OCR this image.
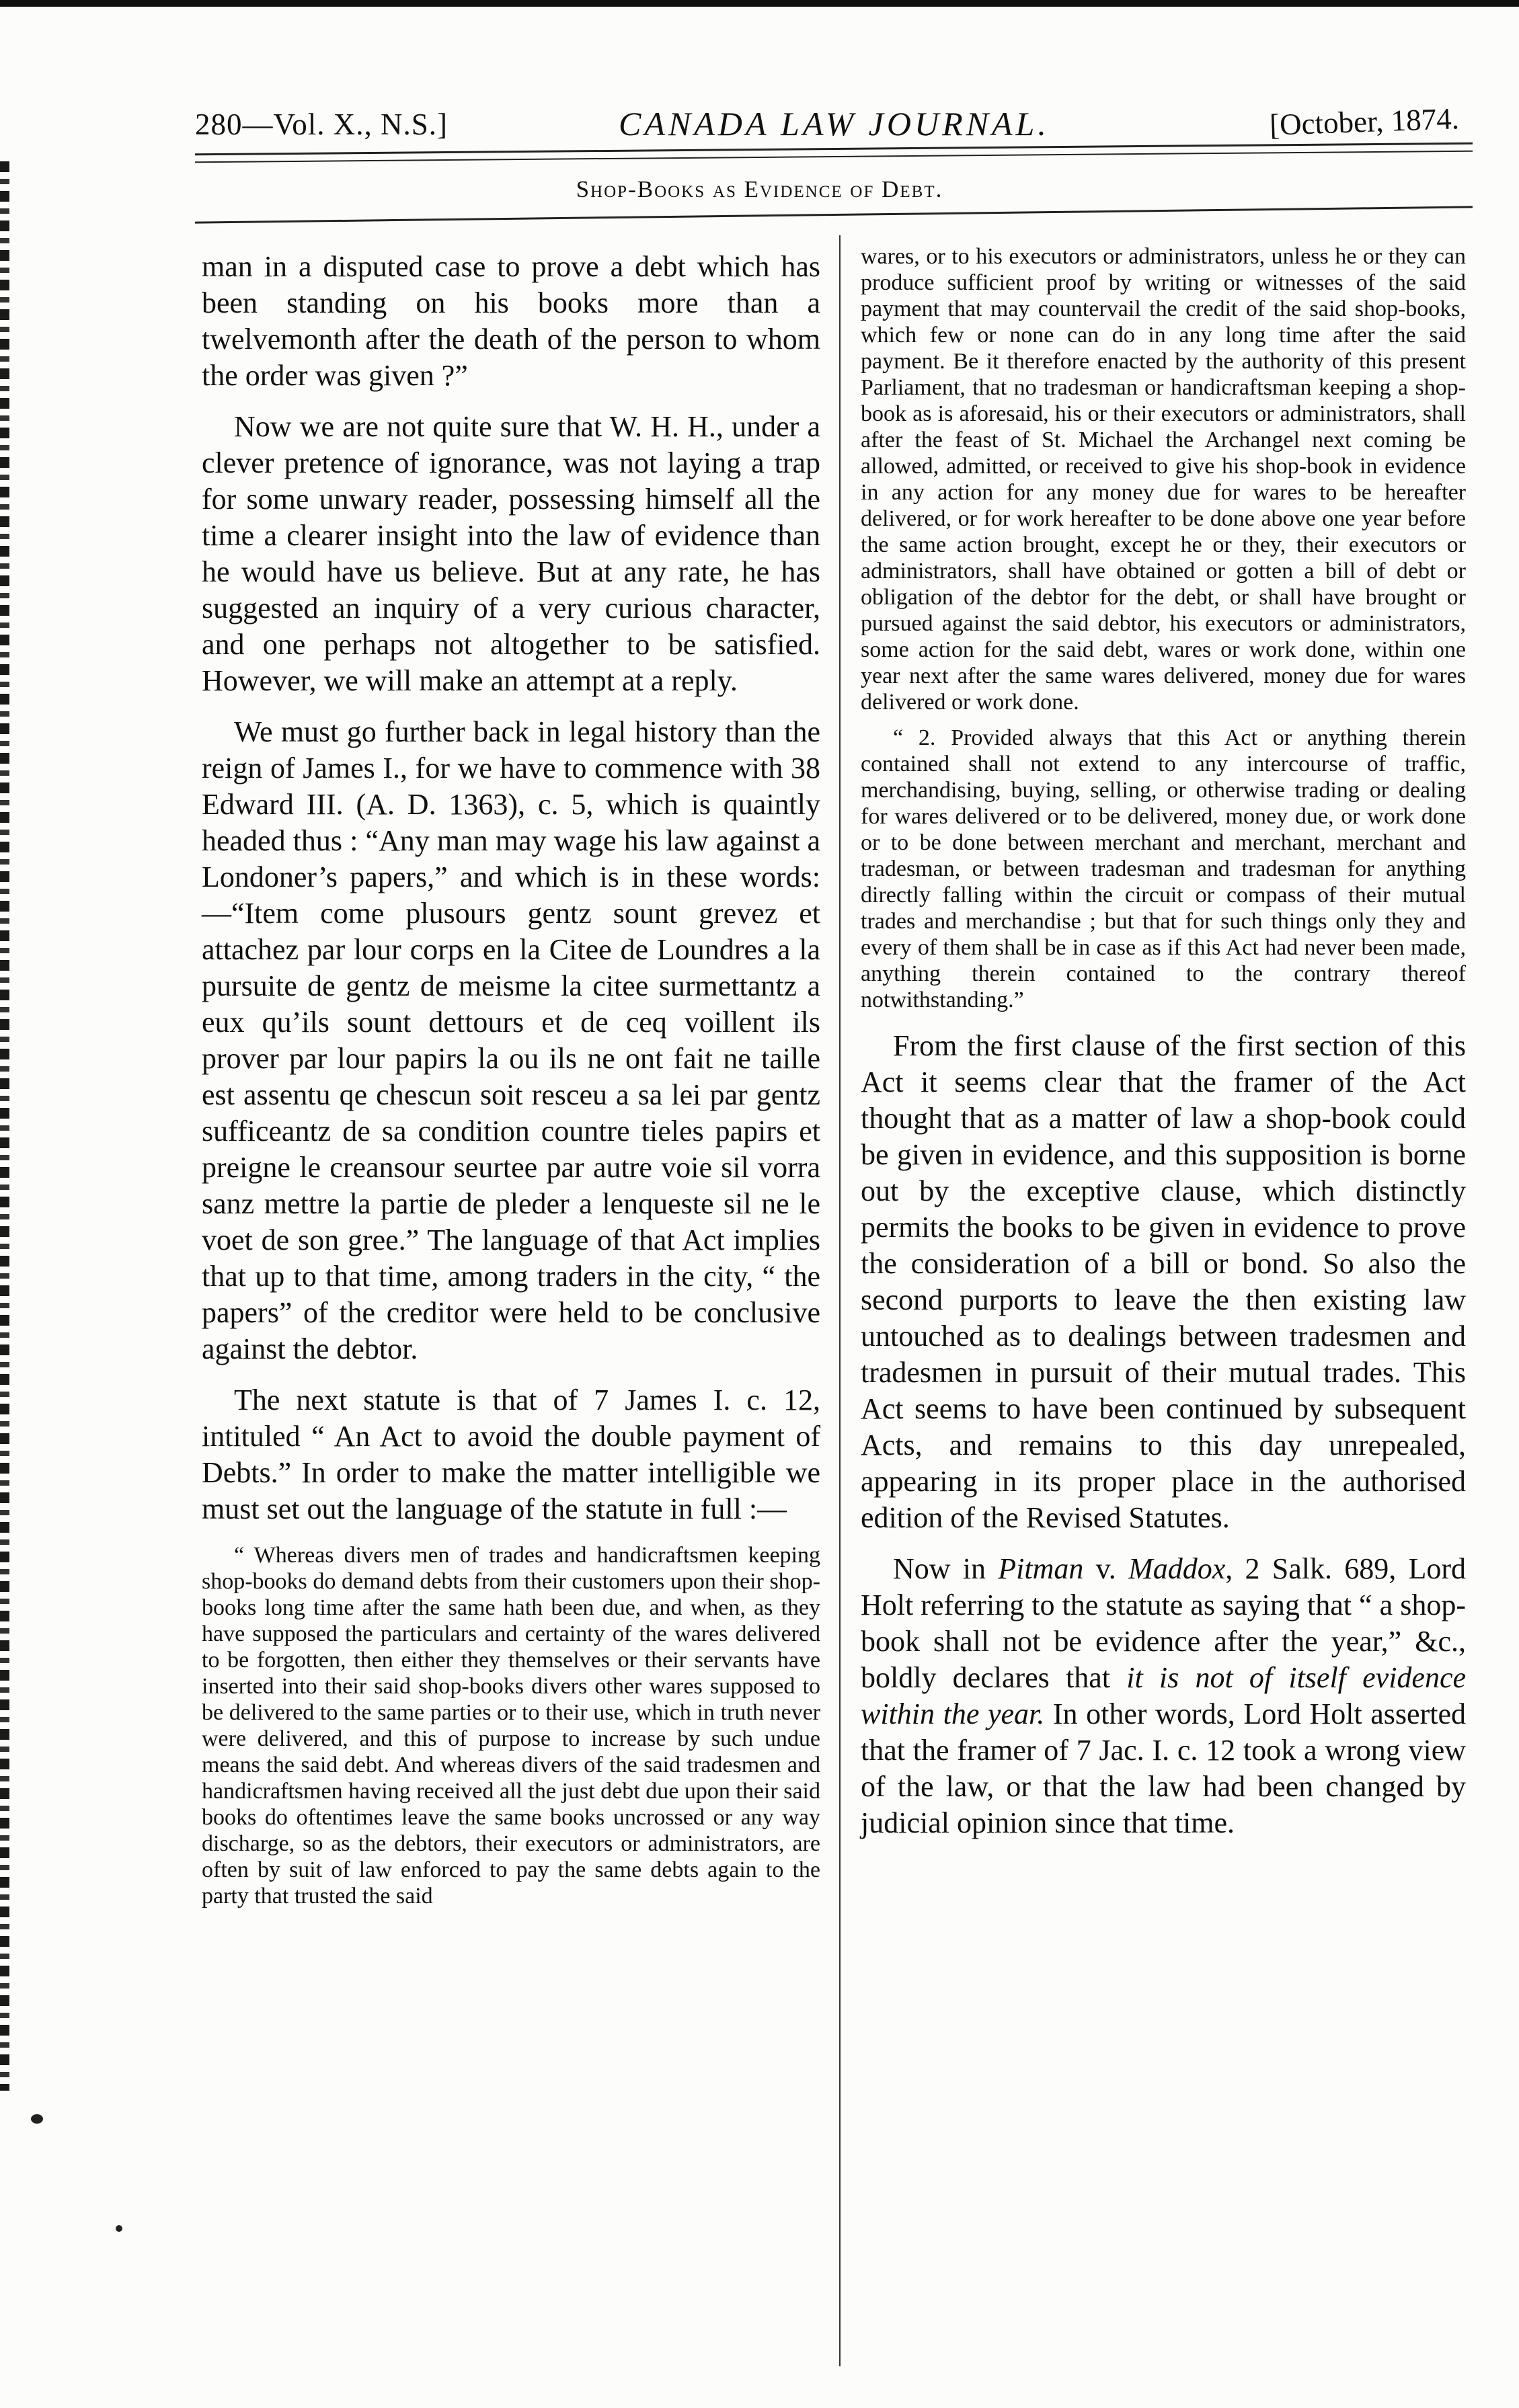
280—Vol. X., N.S.]	CANADA LAW JOURNAL.	[October, 1874.
Shop-Books as Evidence of Debt.

man in a disputed case to prove a debt which has been standing on his books more than a twelvemonth after the death of the person to whom the order was given ?”

Now we are not quite sure that W. H. H., under a clever pretence of ignorance, was not laying a trap for some unwary reader, possessing himself all the time a clearer insight into the law of evidence than he would have us believe. But at any rate, he has suggested an inquiry of a very curious character, and one perhaps not altogether to be satisfied. However, we will make an attempt at a reply.

We must go further back in legal history than the reign of James I., for we have to commence with 38 Edward III. (A. D. 1363), c. 5, which is quaintly headed thus : “Any man may wage his law against a Londoner’s papers,” and which is in these words:—“Item come plusours gentz sount grevez et attachez par lour corps en la Citee de Loundres a la pursuite de gentz de meisme la citee surmettantz a eux qu’ils sount dettours et de ceq voillent ils prover par lour papirs la ou ils ne ont fait ne taille est assentu qe chescun soit resceu a sa lei par gentz sufficeantz de sa condition countre tieles papirs et preigne le creansour seurtee par autre voie sil vorra sanz mettre la partie de pleder a lenqueste sil ne le voet de son gree.” The language of that Act implies that up to that time, among traders in the city, “ the papers” of the creditor were held to be conclusive against the debtor.

The next statute is that of 7 James I. c. 12, intituled “ An Act to avoid the double payment of Debts.” In order to make the matter intelligible we must set out the language of the statute in full :—

“ Whereas divers men of trades and handicraftsmen keeping shop-books do demand debts from their customers upon their shop-books long time after the same hath been due, and when, as they have supposed the particulars and certainty of the wares delivered to be forgotten, then either they themselves or their servants have inserted into their said shop-books divers other wares supposed to be delivered to the same parties or to their use, which in truth never were delivered, and this of purpose to increase by such undue means the said debt. And whereas divers of the said tradesmen and handicraftsmen having received all the just debt due upon their said books do oftentimes leave the same books uncrossed or any way discharge, so as the debtors, their executors or administrators, are often by suit of law enforced to pay the same debts again to the party that trusted the said

wares, or to his executors or administrators, unless he or they can produce sufficient proof by writing or witnesses of the said payment that may countervail the credit of the said shop-books, which few or none can do in any long time after the said payment. Be it therefore enacted by the authority of this present Parliament, that no tradesman or handicraftsman keeping a shop-book as is aforesaid, his or their executors or administrators, shall after the feast of St. Michael the Archangel next coming be allowed, admitted, or received to give his shop-book in evidence in any action for any money due for wares to be hereafter delivered, or for work hereafter to be done above one year before the same action brought, except he or they, their executors or administrators, shall have obtained or gotten a bill of debt or obligation of the debtor for the debt, or shall have brought or pursued against the said debtor, his executors or administrators, some action for the said debt, wares or work done, within one year next after the same wares delivered, money due for wares delivered or work done.

“ 2. Provided always that this Act or anything therein contained shall not extend to any intercourse of traffic, merchandising, buying, selling, or otherwise trading or dealing for wares delivered or to be delivered, money due, or work done or to be done between merchant and merchant, merchant and tradesman, or between tradesman and tradesman for anything directly falling within the circuit or compass of their mutual trades and merchandise ; but that for such things only they and every of them shall be in case as if this Act had never been made, anything therein contained to the contrary thereof notwithstanding.”

From the first clause of the first section of this Act it seems clear that the framer of the Act thought that as a matter of law a shop-book could be given in evidence, and this supposition is borne out by the exceptive clause, which distinctly permits the books to be given in evidence to prove the consideration of a bill or bond. So also the second purports to leave the then existing law untouched as to dealings between tradesmen and tradesmen in pursuit of their mutual trades. This Act seems to have been continued by subsequent Acts, and remains to this day unrepealed, appearing in its proper place in the authorised edition of the Revised Statutes.

Now in Pitman v. Maddox, 2 Salk. 689, Lord Holt referring to the statute as saying that “ a shop-book shall not be evidence after the year,” &c., boldly declares that it is not of itself evidence within the year. In other words, Lord Holt asserted that the framer of 7 Jac. I. c. 12 took a wrong view of the law, or that the law had been changed by judicial opinion since that time.
